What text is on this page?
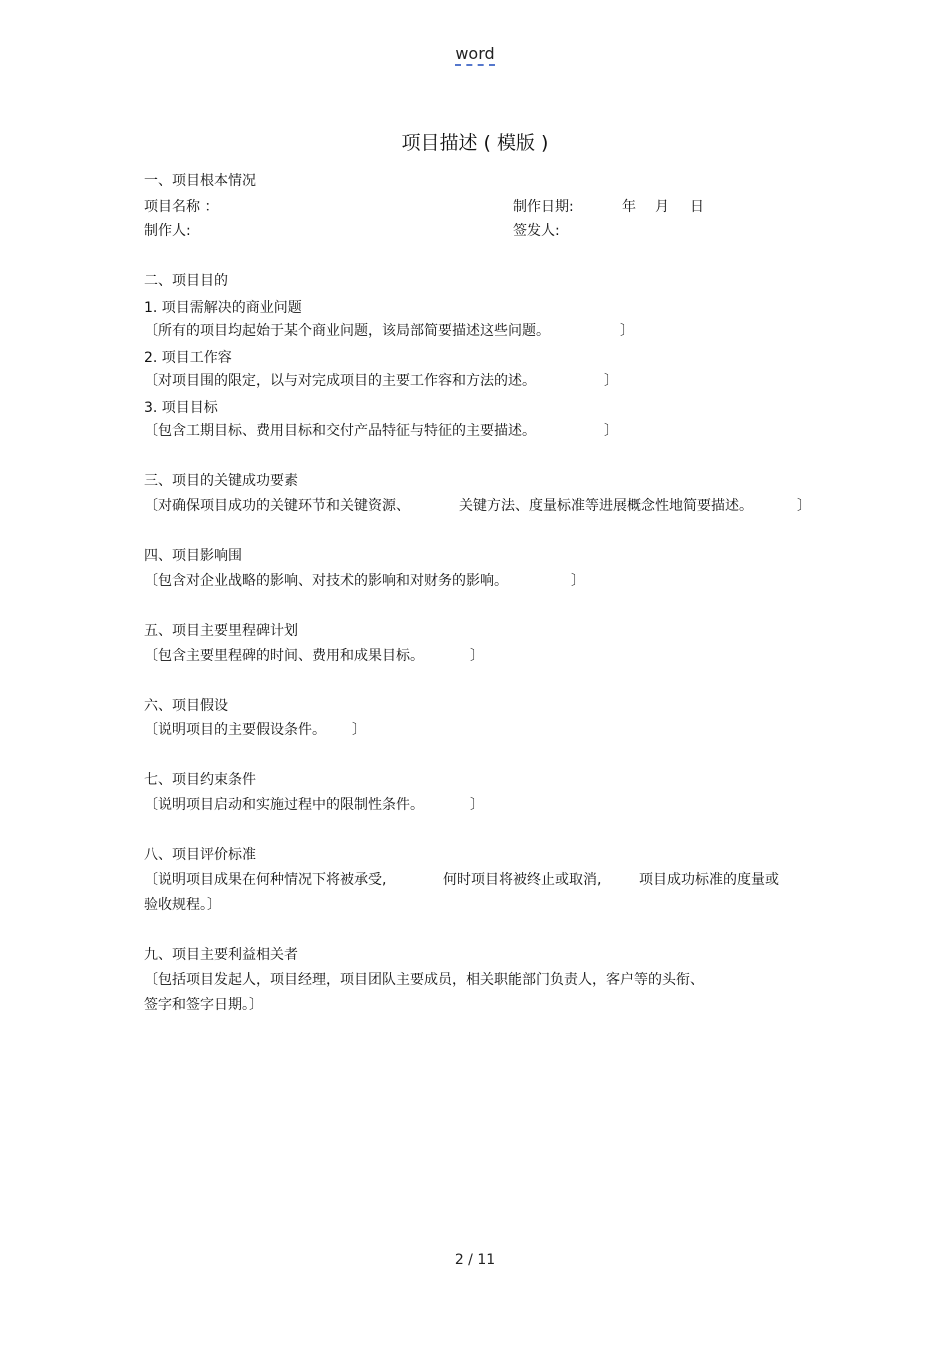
word
项目描述 ( 模版 )
一、项目根本情况
项目名称 ：	制作日期:	年 月 日
制作人:	签发人:
二、项目目的
1. 项目需解决的商业问题
〔所有的项目均起始于某个商业问题，该局部简要描述这些问题。	〕
2. 项目工作容
〔对项目围的限定，以与对完成项目的主要工作容和方法的述。	〕
3. 项目目标
〔包含工期目标、费用目标和交付产品特征与特征的主要描述。	〕
三、项目的关键成功要素
〔对确保项目成功的关键环节和关键资源、	关键方法、度量标准等进展概念性地简要描述。	〕
四、项目影响围
〔包含对企业战略的影响、对技术的影响和对财务的影响。	〕
五、项目主要里程碑计划
〔包含主要里程碑的时间、费用和成果目标。	〕
六、项目假设
〔说明项目的主要假设条件。 〕
七、项目约束条件
〔说明项目启动和实施过程中的限制性条件。	〕
八、项目评价标准
〔说明项目成果在何种情况下将被承受,	何时项目将被终止或取消,	项目成功标准的度量或
验收规程。〕
九、项目主要利益相关者
〔包括项目发起人，项目经理，项目团队主要成员，相关职能部门负责人，客户等的头衔、
签字和签字日期。〕
2 / 11
